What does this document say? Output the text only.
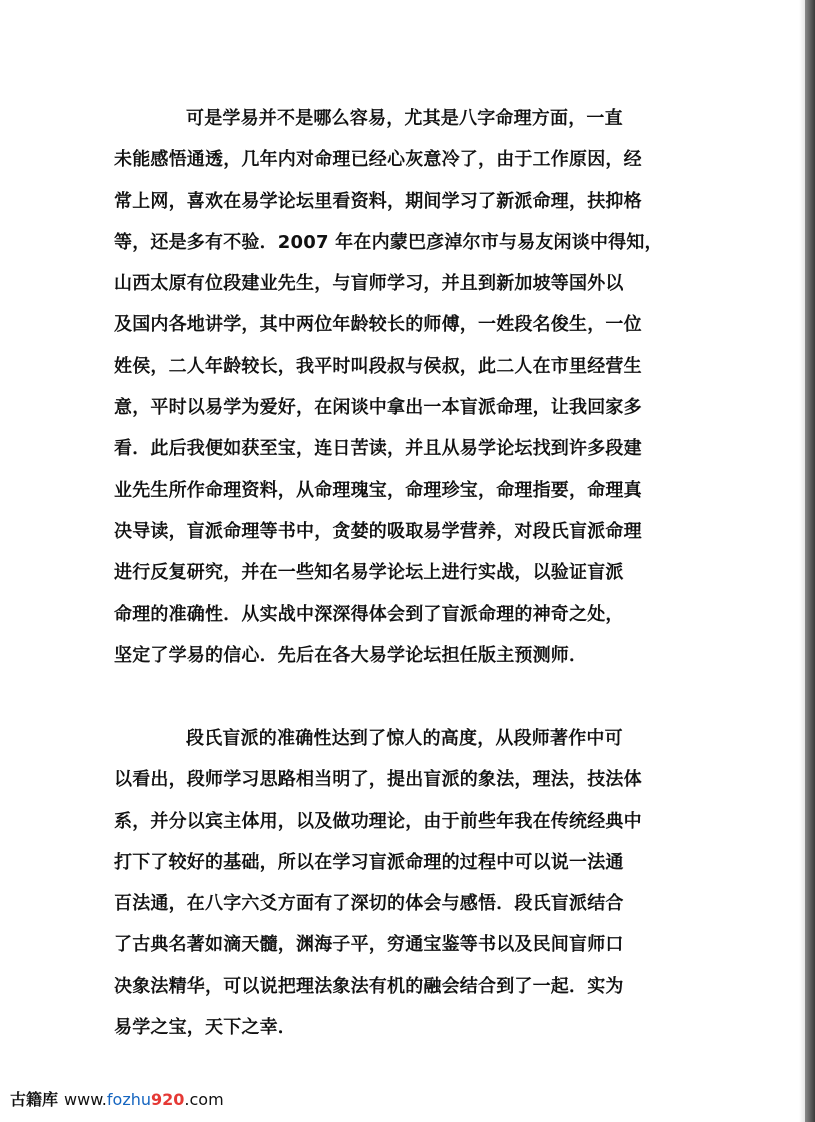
可是学易并不是哪么容易，尤其是八字命理方面，一直
未能感悟通透，几年内对命理已经心灰意冷了，由于工作原因，经
常上网，喜欢在易学论坛里看资料，期间学习了新派命理，扶抑格
等，还是多有不验．2007 年在内蒙巴彦淖尔市与易友闲谈中得知，
山西太原有位段建业先生，与盲师学习，并且到新加坡等国外以
及国内各地讲学，其中两位年龄较长的师傅，一姓段名俊生，一位
姓侯，二人年龄较长，我平时叫段叔与侯叔，此二人在市里经营生
意，平时以易学为爱好，在闲谈中拿出一本盲派命理，让我回家多
看．此后我便如获至宝，连日苦读，并且从易学论坛找到许多段建
业先生所作命理资料，从命理瑰宝，命理珍宝，命理指要，命理真
决导读，盲派命理等书中，贪婪的吸取易学营养，对段氏盲派命理
进行反复研究，并在一些知名易学论坛上进行实战，以验证盲派
命理的准确性．从实战中深深得体会到了盲派命理的神奇之处，
坚定了学易的信心．先后在各大易学论坛担任版主预测师．
段氏盲派的准确性达到了惊人的高度，从段师著作中可
以看出，段师学习思路相当明了，提出盲派的象法，理法，技法体
系，并分以宾主体用，以及做功理论，由于前些年我在传统经典中
打下了较好的基础，所以在学习盲派命理的过程中可以说一法通
百法通，在八字六爻方面有了深切的体会与感悟．段氏盲派结合
了古典名著如滴天髓，渊海子平，穷通宝鉴等书以及民间盲师口
决象法精华，可以说把理法象法有机的融会结合到了一起．实为
易学之宝，天下之幸．
古籍库 www.fozhu920.com
